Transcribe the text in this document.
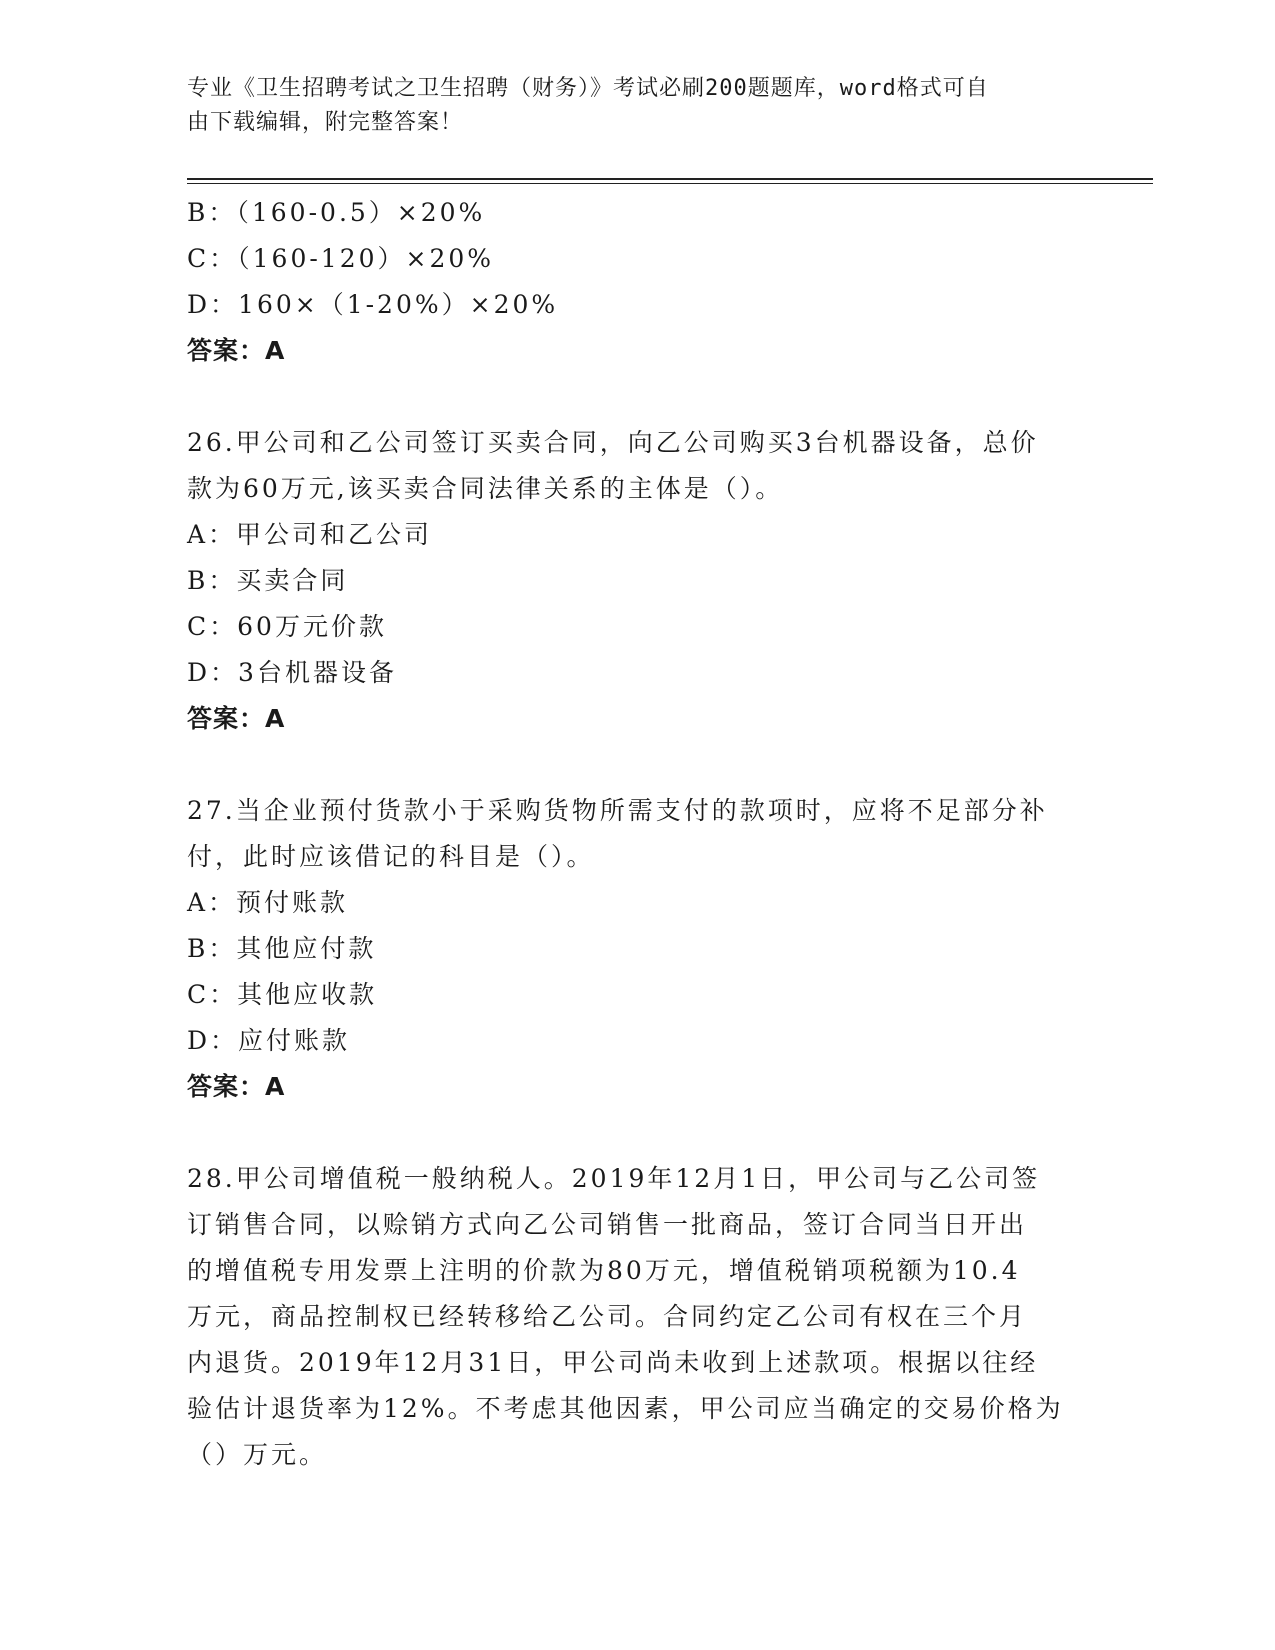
专业《卫生招聘考试之卫生招聘（财务）》考试必刷200题题库，word格式可自
由下载编辑，附完整答案！
B：（160-0.5）×20%
C：（160-120）×20%
D：160×（1-20%）×20%
答案：A
26.甲公司和乙公司签订买卖合同，向乙公司购买3台机器设备，总价
款为60万元,该买卖合同法律关系的主体是（）。
A：甲公司和乙公司
B：买卖合同
C：60万元价款
D：3台机器设备
答案：A
27.当企业预付货款小于采购货物所需支付的款项时，应将不足部分补
付，此时应该借记的科目是（）。
A：预付账款
B：其他应付款
C：其他应收款
D：应付账款
答案：A
28.甲公司增值税一般纳税人。2019年12月1日，甲公司与乙公司签
订销售合同，以赊销方式向乙公司销售一批商品，签订合同当日开出
的增值税专用发票上注明的价款为80万元，增值税销项税额为10.4
万元，商品控制权已经转移给乙公司。合同约定乙公司有权在三个月
内退货。2019年12月31日，甲公司尚未收到上述款项。根据以往经
验估计退货率为12%。不考虑其他因素，甲公司应当确定的交易价格为
（）万元。
